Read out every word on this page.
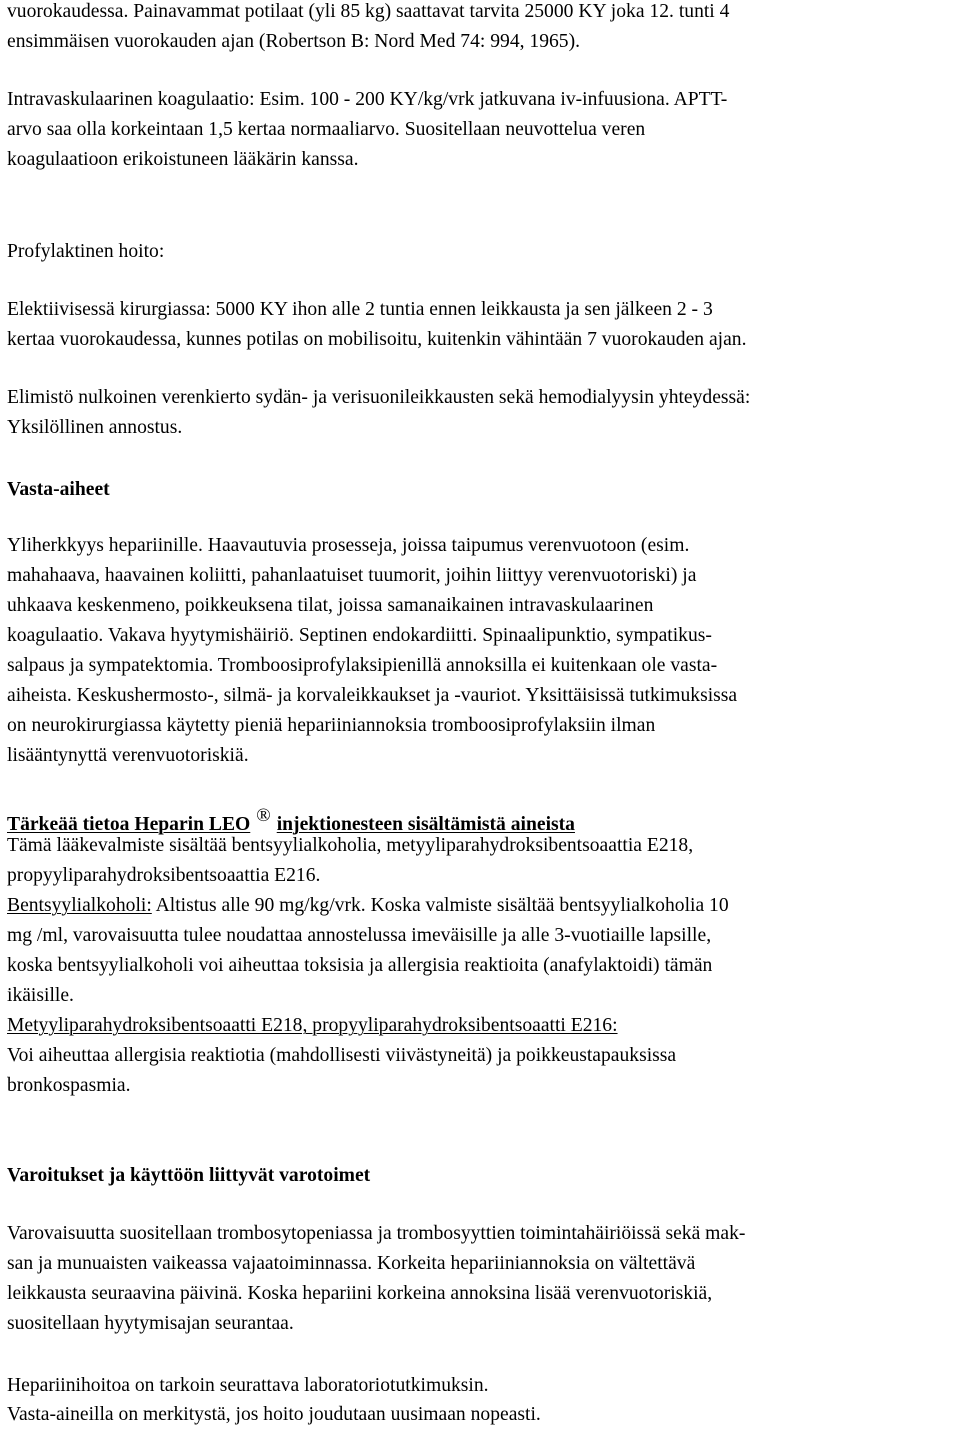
vuorokaudessa. Painavammat potilaat (yli 85 kg) saattavat tarvita 25000 KY joka 12. tunti 4

ensimmäisen vuorokauden ajan (Robertson B: Nord Med 74: 994, 1965).

Intravaskulaarinen koagulaatio: Esim. 100 - 200 KY/kg/vrk jatkuvana iv-infuusiona. APTT-

arvo saa olla korkeintaan 1,5 kertaa normaaliarvo. Suositellaan neuvottelua veren

koagulaatioon erikoistuneen lääkärin kanssa.

Profylaktinen hoito:

Elektiivisessä kirurgiassa: 5000 KY ihon alle 2 tuntia ennen leikkausta ja sen jälkeen 2 - 3

kertaa vuorokaudessa, kunnes potilas on mobilisoitu, kuitenkin vähintään 7 vuorokauden ajan.

Elimistö nulkoinen verenkierto sydän- ja verisuonileikkausten sekä hemodialyysin yhteydessä:

Yksilöllinen annostus.

Vasta-aiheet

Yliherkkyys hepariinille. Haavautuvia prosesseja, joissa taipumus verenvuotoon (esim.

mahahaava, haavainen koliitti, pahanlaatuiset tuumorit, joihin liittyy verenvuotoriski) ja

uhkaava keskenmeno, poikkeuksena tilat, joissa samanaikainen intravaskulaarinen

koagulaatio. Vakava hyytymishäiriö. Septinen endokardiitti. Spinaalipunktio, sympatikus-

salpaus ja sympatektomia. Tromboosiprofylaksipienillä annoksilla ei kuitenkaan ole vasta-

aiheista. Keskushermosto-, silmä- ja korvaleikkaukset ja -vauriot. Yksittäisissä tutkimuksissa

on neurokirurgiassa käytetty pieniä hepariiniannoksia tromboosiprofylaksiin ilman

lisääntynyttä verenvuotoriskiä.

Tärkeää tietoa Heparin LEO ® injektionesteen sisältämistä aineista

Tämä lääkevalmiste sisältää bentsyylialkoholia, metyyliparahydroksibentsoaattia E218,

propyyliparahydroksibentsoaattia E216.

Bentsyylialkoholi: Altistus alle 90 mg/kg/vrk. Koska valmiste sisältää bentsyylialkoholia 10

mg /ml, varovaisuutta tulee noudattaa annostelussa imeväisille ja alle 3-vuotiaille lapsille,

koska bentsyylialkoholi voi aiheuttaa toksisia ja allergisia reaktioita (anafylaktoidi) tämän

ikäisille.

Metyyliparahydroksibentsoaatti E218, propyyliparahydroksibentsoaatti E216:

Voi aiheuttaa allergisia reaktiotia (mahdollisesti viivästyneitä) ja poikkeustapauksissa

bronkospasmia.

Varoitukset ja käyttöön liittyvät varotoimet

Varovaisuutta suositellaan trombosytopeniassa ja trombosyyttien toimintahäiriöissä sekä mak-

san ja munuaisten vaikeassa vajaatoiminnassa. Korkeita hepariiniannoksia on vältettävä

leikkausta seuraavina päivinä. Koska hepariini korkeina annoksina lisää verenvuotoriskiä,

suositellaan hyytymisajan seurantaa.

Hepariinihoitoa on tarkoin seurattava laboratoriotutkimuksin.

Vasta-aineilla on merkitystä, jos hoito joudutaan uusimaan nopeasti.
